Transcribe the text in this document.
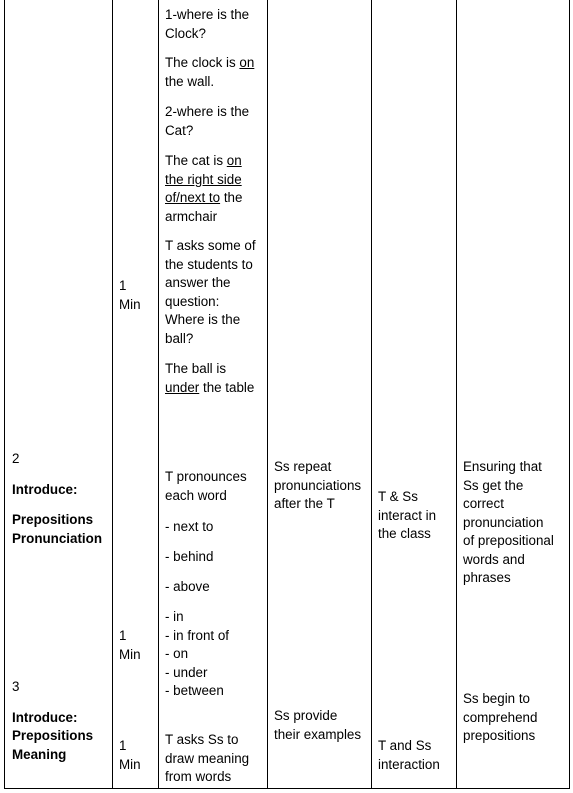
1-where is the
Clock?
The clock is on
the wall.
2-where is the
Cat?
The cat is on
the right side
of/next to the
armchair
T asks some of
the students to
answer the
question:
Where is the
ball?
The ball is
under the table
1
Min
2
Introduce:
Prepositions
Pronunciation
T pronounces
each word
- next to
- behind
- above
- in
- in front of
- on
- under
- between
Ss repeat
pronunciations
after the T	T & Ss
interact in
the class
Ensuring that
Ss get the
correct
pronunciation
of prepositional
words and
phrases
1
Min
3
Introduce:
Prepositions
Meaning
1
Min
T asks Ss to
draw meaning
from words
Ss provide
their examples
T and Ss
interaction
Ss begin to
comprehend
prepositions
